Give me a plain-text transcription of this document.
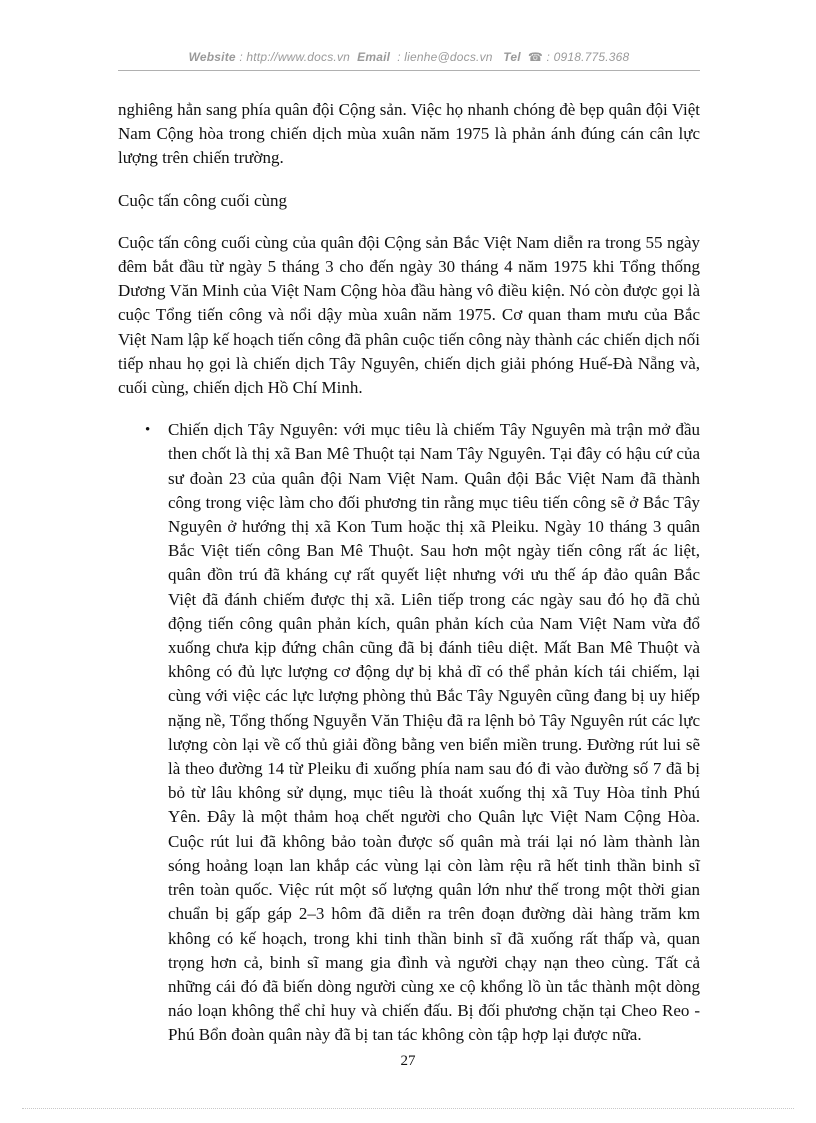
Website : http://www.docs.vn Email : lienhe@docs.vn Tel ☎ : 0918.775.368

nghiêng hẳn sang phía quân đội Cộng sản. Việc họ nhanh chóng đè bẹp quân đội Việt Nam Cộng hòa trong chiến dịch mùa xuân năm 1975 là phản ánh đúng cán cân lực lượng trên chiến trường.

Cuộc tấn công cuối cùng

Cuộc tấn công cuối cùng của quân đội Cộng sản Bắc Việt Nam diễn ra trong 55 ngày đêm bắt đầu từ ngày 5 tháng 3 cho đến ngày 30 tháng 4 năm 1975 khi Tổng thống Dương Văn Minh của Việt Nam Cộng hòa đầu hàng vô điều kiện. Nó còn được gọi là cuộc Tổng tiến công và nổi dậy mùa xuân năm 1975. Cơ quan tham mưu của Bắc Việt Nam lập kế hoạch tiến công đã phân cuộc tiến công này thành các chiến dịch nối tiếp nhau họ gọi là chiến dịch Tây Nguyên, chiến dịch giải phóng Huế-Đà Nẵng và, cuối cùng, chiến dịch Hồ Chí Minh.

• Chiến dịch Tây Nguyên: với mục tiêu là chiếm Tây Nguyên mà trận mở đầu then chốt là thị xã Ban Mê Thuột tại Nam Tây Nguyên. Tại đây có hậu cứ của sư đoàn 23 của quân đội Nam Việt Nam. Quân đội Bắc Việt Nam đã thành công trong việc làm cho đối phương tin rằng mục tiêu tiến công sẽ ở Bắc Tây Nguyên ở hướng thị xã Kon Tum hoặc thị xã Pleiku. Ngày 10 tháng 3 quân Bắc Việt tiến công Ban Mê Thuột. Sau hơn một ngày tiến công rất ác liệt, quân đồn trú đã kháng cự rất quyết liệt nhưng với ưu thế áp đảo quân Bắc Việt đã đánh chiếm được thị xã. Liên tiếp trong các ngày sau đó họ đã chủ động tiến công quân phản kích, quân phản kích của Nam Việt Nam vừa đổ xuống chưa kịp đứng chân cũng đã bị đánh tiêu diệt. Mất Ban Mê Thuột và không có đủ lực lượng cơ động dự bị khả dĩ có thể phản kích tái chiếm, lại cùng với việc các lực lượng phòng thủ Bắc Tây Nguyên cũng đang bị uy hiếp nặng nề, Tổng thống Nguyễn Văn Thiệu đã ra lệnh bỏ Tây Nguyên rút các lực lượng còn lại về cố thủ giải đồng bằng ven biển miền trung. Đường rút lui sẽ là theo đường 14 từ Pleiku đi xuống phía nam sau đó đi vào đường số 7 đã bị bỏ từ lâu không sử dụng, mục tiêu là thoát xuống thị xã Tuy Hòa tỉnh Phú Yên. Đây là một thảm hoạ chết người cho Quân lực Việt Nam Cộng Hòa. Cuộc rút lui đã không bảo toàn được số quân mà trái lại nó làm thành làn sóng hoảng loạn lan khắp các vùng lại còn làm rệu rã hết tinh thần binh sĩ trên toàn quốc. Việc rút một số lượng quân lớn như thế trong một thời gian chuẩn bị gấp gáp 2–3 hôm đã diễn ra trên đoạn đường dài hàng trăm km không có kế hoạch, trong khi tinh thần binh sĩ đã xuống rất thấp và, quan trọng hơn cả, binh sĩ mang gia đình và người chạy nạn theo cùng. Tất cả những cái đó đã biến dòng người cùng xe cộ khổng lồ ùn tắc thành một dòng náo loạn không thể chỉ huy và chiến đấu. Bị đối phương chặn tại Cheo Reo - Phú Bổn đoàn quân này đã bị tan tác không còn tập hợp lại được nữa.
27
